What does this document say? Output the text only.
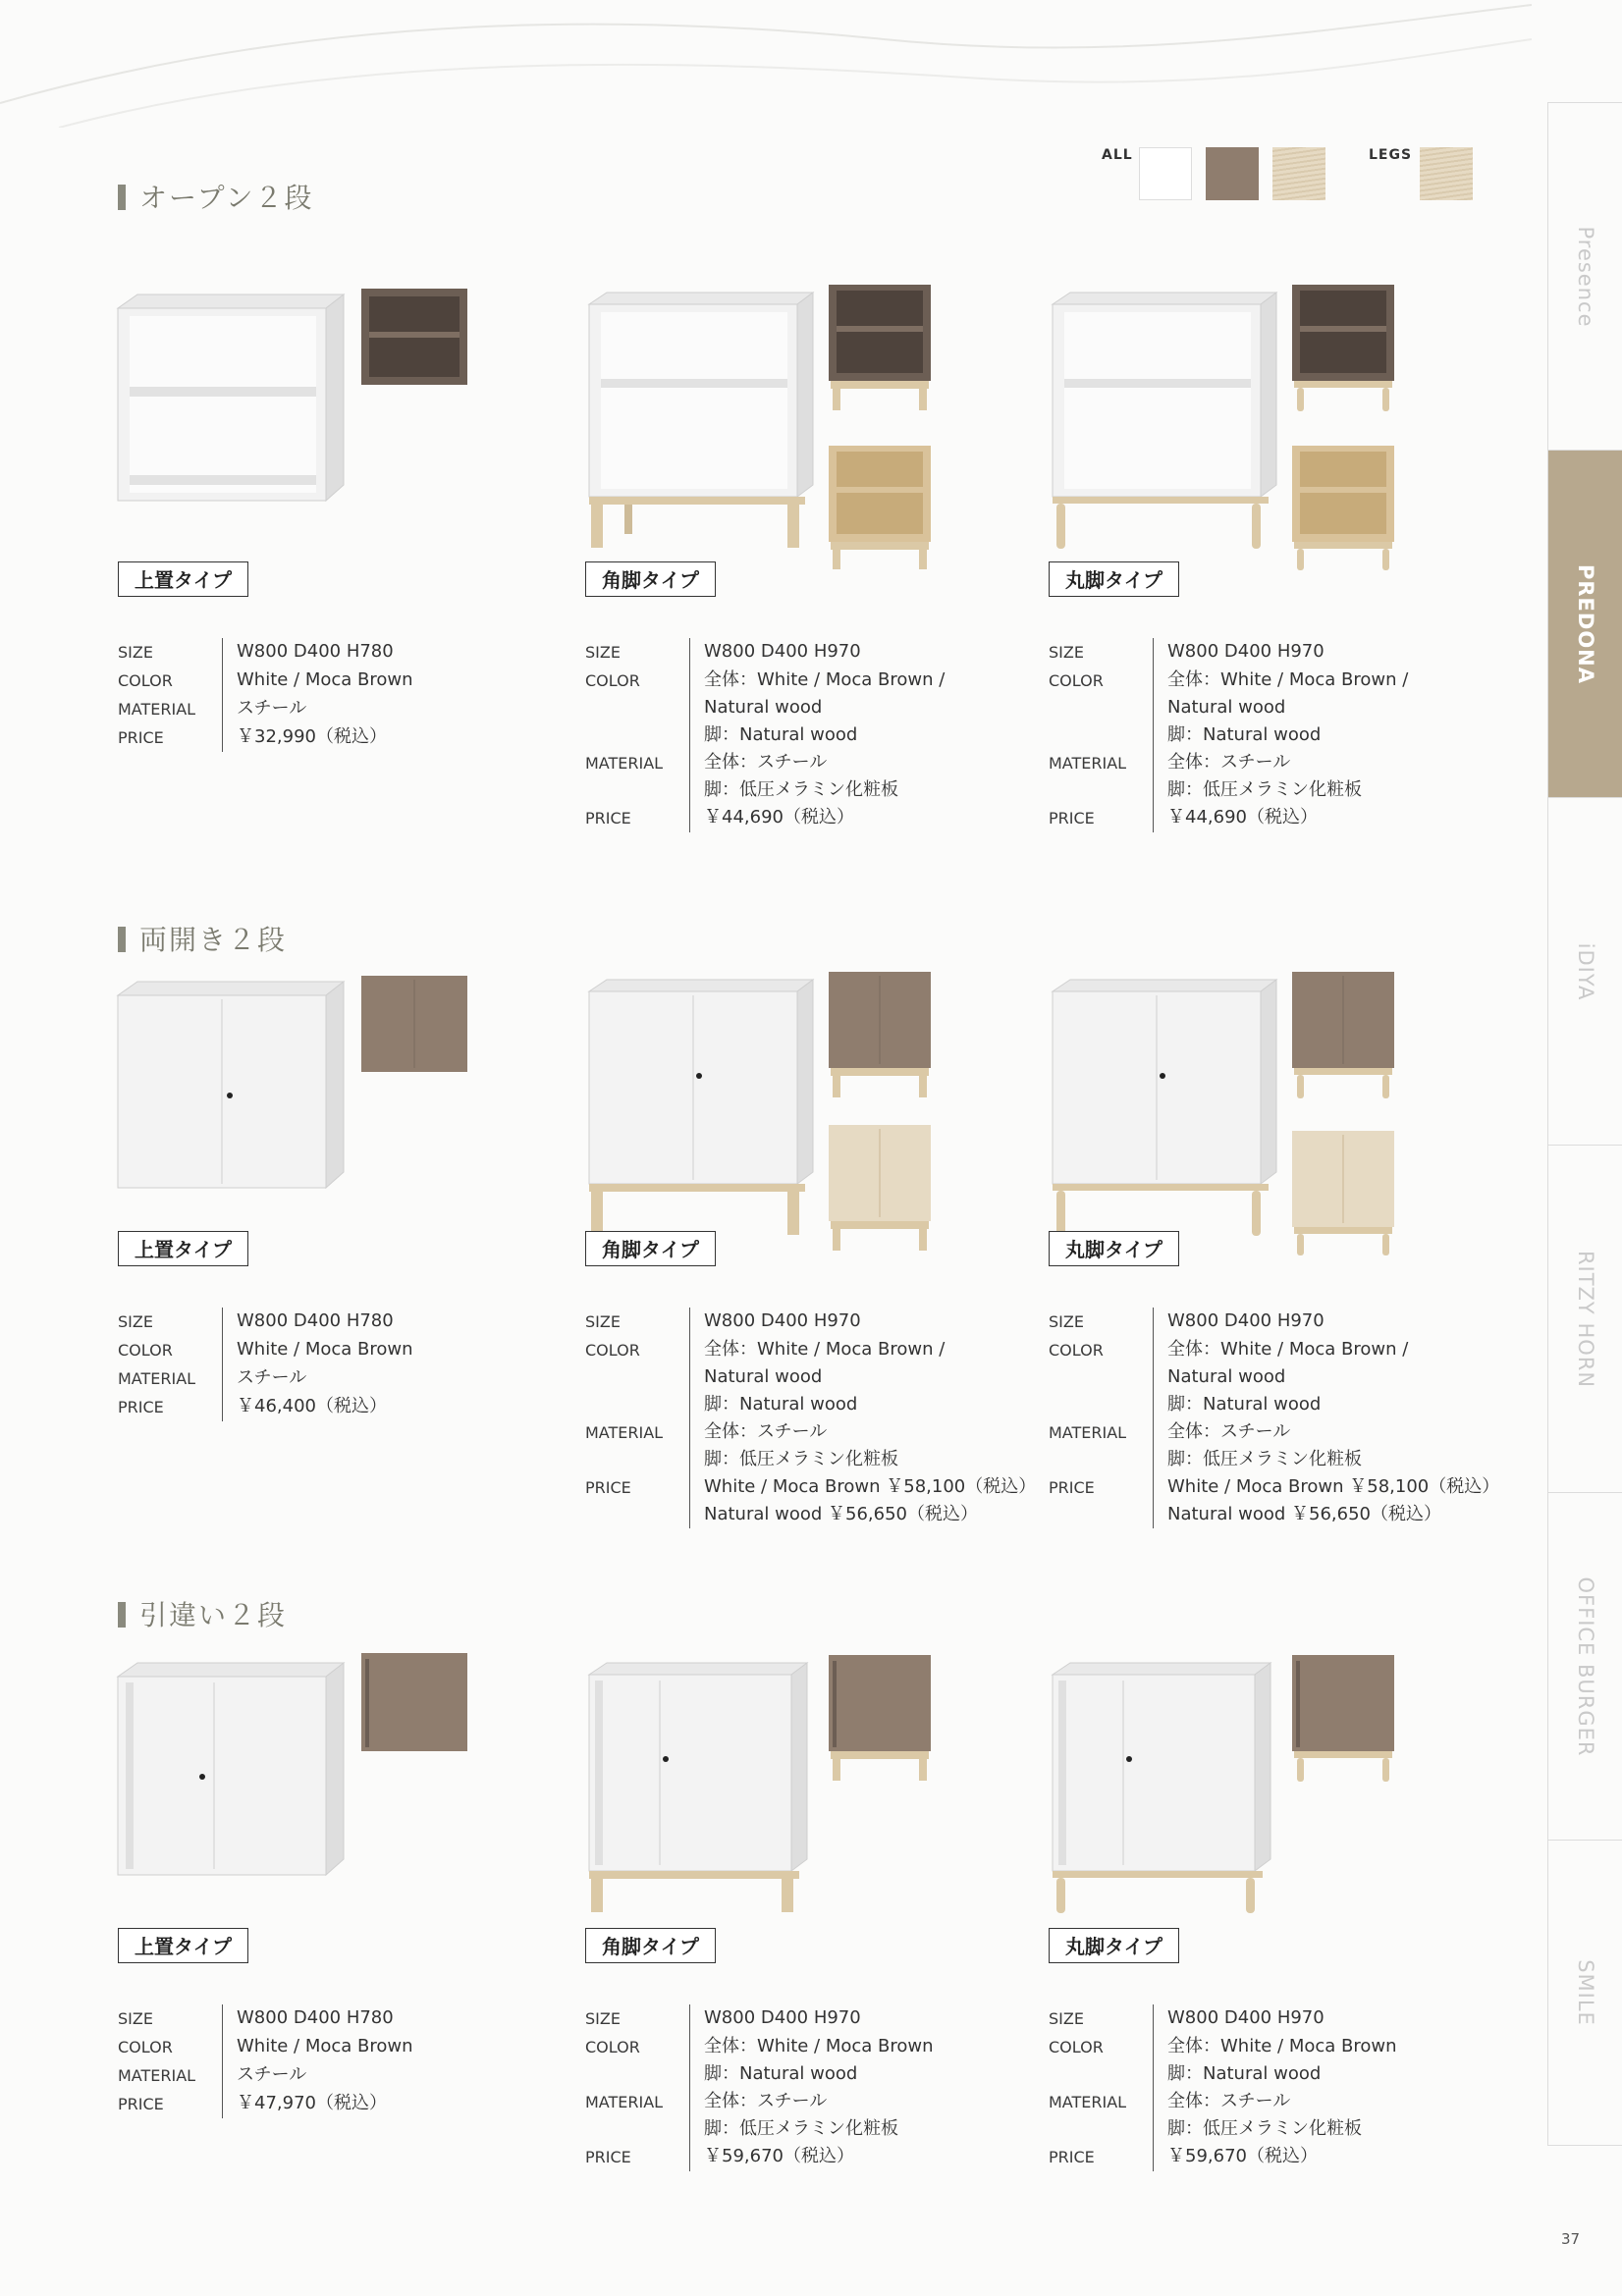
ALL	LEGS
Presence
PREDONA
iDIYA
RITZY HORN
OFFICE BURGER
SMILE
37
オープン２段
上置タイプ	角脚タイプ	丸脚タイプ
SIZE	W800 D400 H780
COLOR	White / Moca Brown
MATERIAL	スチール
PRICE	￥32,990（税込）
SIZE	W800 D400 H970
COLOR	全体：White / Moca Brown /
Natural wood
脚：Natural wood
MATERIAL	全体：スチール
脚：低圧メラミン化粧板
PRICE	￥44,690（税込）
SIZE	W800 D400 H970
COLOR	全体：White / Moca Brown /
Natural wood
脚：Natural wood
MATERIAL	全体：スチール
脚：低圧メラミン化粧板
PRICE	￥44,690（税込）
両開き２段
上置タイプ	角脚タイプ	丸脚タイプ
SIZE	W800 D400 H780
COLOR	White / Moca Brown
MATERIAL	スチール
PRICE	￥46,400（税込）
SIZE	W800 D400 H970
COLOR	全体：White / Moca Brown /
Natural wood
脚：Natural wood
MATERIAL	全体：スチール
脚：低圧メラミン化粧板
PRICE	White / Moca Brown ￥58,100（税込）
Natural wood ￥56,650（税込）
SIZE	W800 D400 H970
COLOR	全体：White / Moca Brown /
Natural wood
脚：Natural wood
MATERIAL	全体：スチール
脚：低圧メラミン化粧板
PRICE	White / Moca Brown ￥58,100（税込）
Natural wood ￥56,650（税込）
引違い２段
上置タイプ	角脚タイプ	丸脚タイプ
SIZE	W800 D400 H780
COLOR	White / Moca Brown
MATERIAL	スチール
PRICE	￥47,970（税込）
SIZE	W800 D400 H970
COLOR	全体：White / Moca Brown
脚：Natural wood
MATERIAL	全体：スチール
脚：低圧メラミン化粧板
PRICE	￥59,670（税込）
SIZE	W800 D400 H970
COLOR	全体：White / Moca Brown
脚：Natural wood
MATERIAL	全体：スチール
脚：低圧メラミン化粧板
PRICE	￥59,670（税込）
